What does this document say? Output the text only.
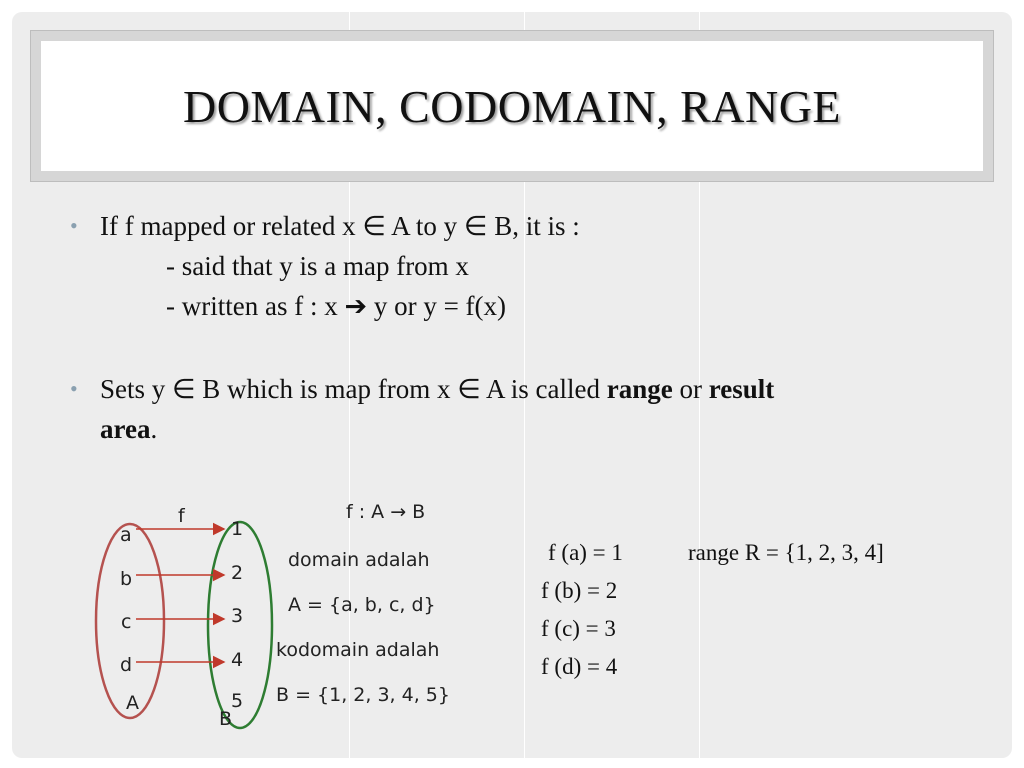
DOMAIN, CODOMAIN, RANGE
• If f mapped or related x ∈ A to y ∈ B, it is :
- said that y is a map from x
- written as f : x ➔ y or y = f(x)
• Sets y ∈ B which is map from x ∈ A is called range or result
area.
f
a
b
c
d
A
1
2
3
4
5
B
f : A → B
domain adalah
A = {a, b, c, d}
kodomain adalah
B = {1, 2, 3, 4, 5}
f (a) = 1
f (b) = 2
f (c) = 3
f (d) = 4
range R = {1, 2, 3, 4]
